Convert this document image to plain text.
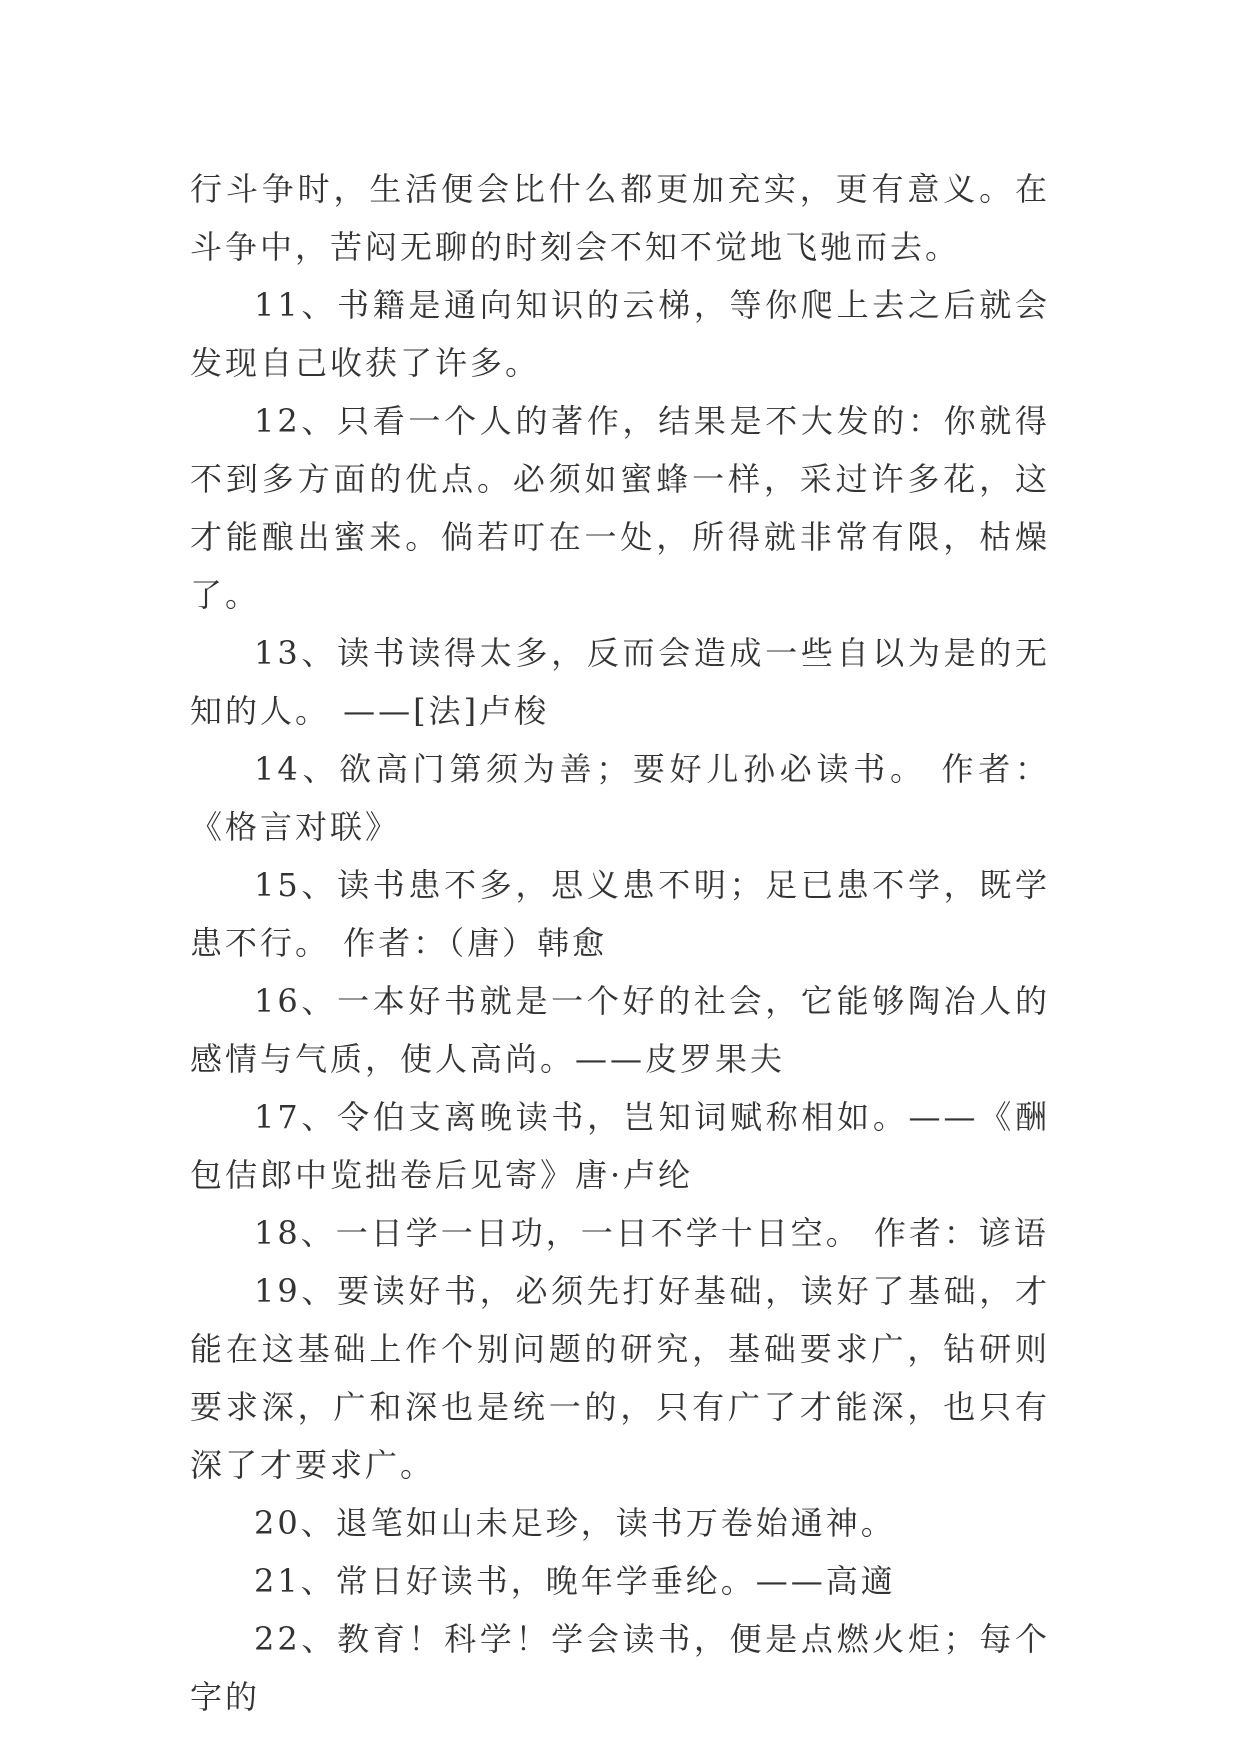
行斗争时，生活便会比什么都更加充实，更有意义。在斗争中，苦闷无聊的时刻会不知不觉地飞驰而去。

11、书籍是通向知识的云梯，等你爬上去之后就会发现自己收获了许多。

12、只看一个人的著作，结果是不大发的：你就得不到多方面的优点。必须如蜜蜂一样，采过许多花，这才能酿出蜜来。倘若叮在一处，所得就非常有限，枯燥了。

13、读书读得太多，反而会造成一些自以为是的无知的人。 ——[法]卢梭

14、欲高门第须为善；要好儿孙必读书。 作者：《格言对联》

15、读书患不多，思义患不明；足已患不学，既学患不行。 作者：（唐）韩愈

16、一本好书就是一个好的社会，它能够陶冶人的感情与气质，使人高尚。——皮罗果夫

17、令伯支离晚读书，岂知词赋称相如。——《酬包佶郎中览拙卷后见寄》唐·卢纶

18、一日学一日功，一日不学十日空。 作者：谚语

19、要读好书，必须先打好基础，读好了基础，才能在这基础上作个别问题的研究，基础要求广，钻研则要求深，广和深也是统一的，只有广了才能深，也只有深了才要求广。

20、退笔如山未足珍，读书万卷始通神。

21、常日好读书，晚年学垂纶。——高適

22、教育！科学！学会读书，便是点燃火炬；每个字的
